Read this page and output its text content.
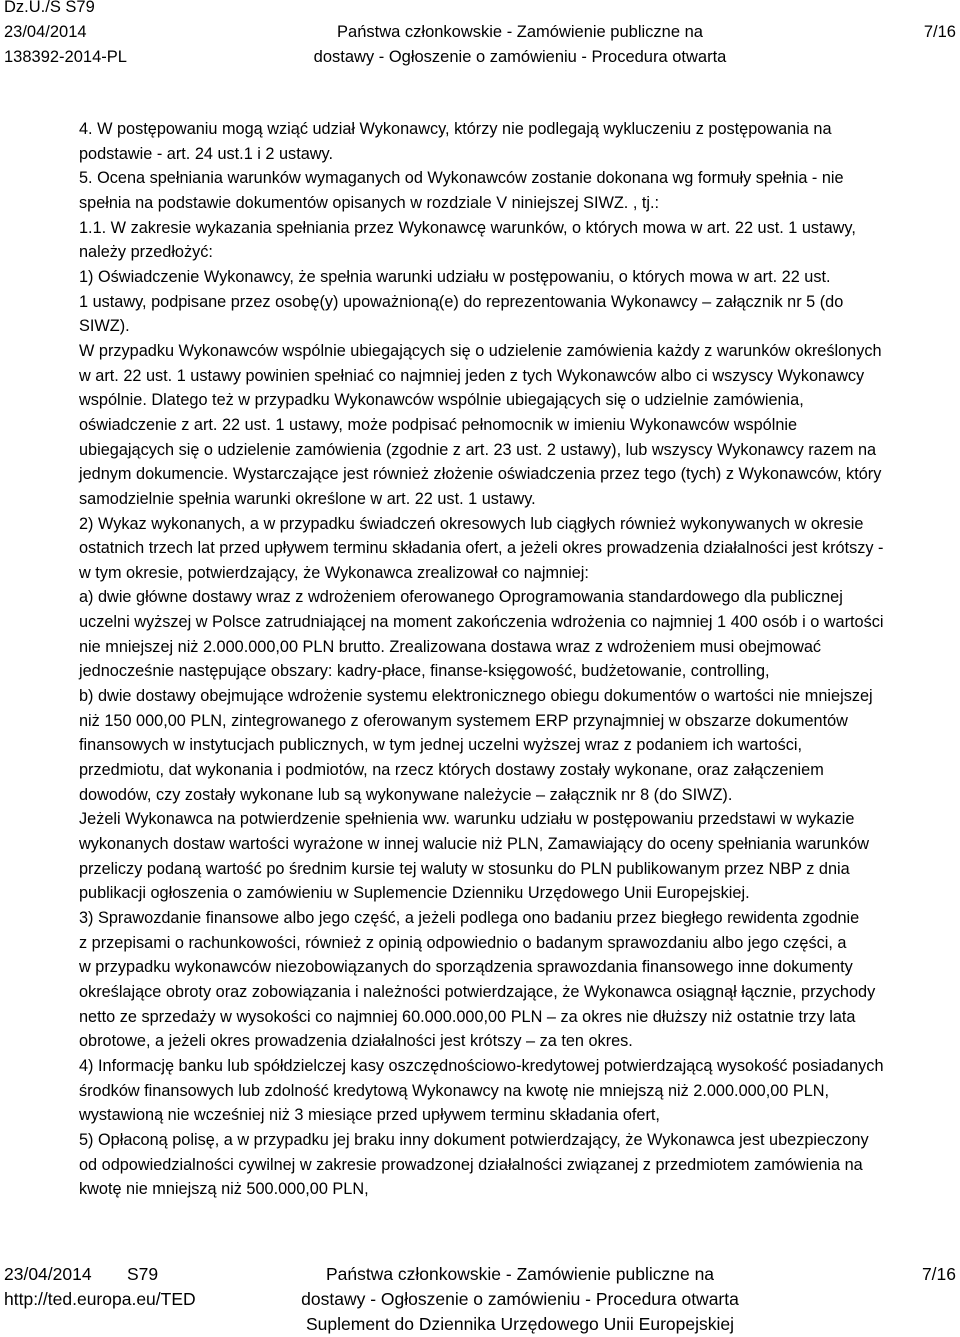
Dz.U./S S79
23/04/2014
138392-2014-PL
Państwa członkowskie - Zamówienie publiczne na
dostawy - Ogłoszenie o zamówieniu - Procedura otwarta
7/16

4. W postępowaniu mogą wziąć udział Wykonawcy, którzy nie podlegają wykluczeniu z postępowania na

podstawie - art. 24 ust.1 i 2 ustawy.

5. Ocena spełniania warunków wymaganych od Wykonawców zostanie dokonana wg formuły spełnia - nie

spełnia na podstawie dokumentów opisanych w rozdziale V niniejszej SIWZ. , tj.:

1.1. W zakresie wykazania spełniania przez Wykonawcę warunków, o których mowa w art. 22 ust. 1 ustawy,

należy przedłożyć:

1) Oświadczenie Wykonawcy, że spełnia warunki udziału w postępowaniu, o których mowa w art. 22 ust.

1 ustawy, podpisane przez osobę(y) upoważnioną(e) do reprezentowania Wykonawcy – załącznik nr 5 (do

SIWZ).

W przypadku Wykonawców wspólnie ubiegających się o udzielenie zamówienia każdy z warunków określonych

w art. 22 ust. 1 ustawy powinien spełniać co najmniej jeden z tych Wykonawców albo ci wszyscy Wykonawcy

wspólnie. Dlatego też w przypadku Wykonawców wspólnie ubiegających się o udzielnie zamówienia,

oświadczenie z art. 22 ust. 1 ustawy, może podpisać pełnomocnik w imieniu Wykonawców wspólnie

ubiegających się o udzielenie zamówienia (zgodnie z art. 23 ust. 2 ustawy), lub wszyscy Wykonawcy razem na

jednym dokumencie. Wystarczające jest również złożenie oświadczenia przez tego (tych) z Wykonawców, który

samodzielnie spełnia warunki określone w art. 22 ust. 1 ustawy.

2) Wykaz wykonanych, a w przypadku świadczeń okresowych lub ciągłych również wykonywanych w okresie

ostatnich trzech lat przed upływem terminu składania ofert, a jeżeli okres prowadzenia działalności jest krótszy -

w tym okresie, potwierdzający, że Wykonawca zrealizował co najmniej:

a) dwie główne dostawy wraz z wdrożeniem oferowanego Oprogramowania standardowego dla publicznej

uczelni wyższej w Polsce zatrudniającej na moment zakończenia wdrożenia co najmniej 1 400 osób i o wartości

nie mniejszej niż 2.000.000,00 PLN brutto. Zrealizowana dostawa wraz z wdrożeniem musi obejmować

jednocześnie następujące obszary: kadry-płace, finanse-księgowość, budżetowanie, controlling,

b) dwie dostawy obejmujące wdrożenie systemu elektronicznego obiegu dokumentów o wartości nie mniejszej

niż 150 000,00 PLN, zintegrowanego z oferowanym systemem ERP przynajmniej w obszarze dokumentów

finansowych w instytucjach publicznych, w tym jednej uczelni wyższej wraz z podaniem ich wartości,

przedmiotu, dat wykonania i podmiotów, na rzecz których dostawy zostały wykonane, oraz załączeniem

dowodów, czy zostały wykonane lub są wykonywane należycie – załącznik nr 8 (do SIWZ).

Jeżeli Wykonawca na potwierdzenie spełnienia ww. warunku udziału w postępowaniu przedstawi w wykazie

wykonanych dostaw wartości wyrażone w innej walucie niż PLN, Zamawiający do oceny spełniania warunków

przeliczy podaną wartość po średnim kursie tej waluty w stosunku do PLN publikowanym przez NBP z dnia

publikacji ogłoszenia o zamówieniu w Suplemencie Dzienniku Urzędowego Unii Europejskiej.

3) Sprawozdanie finansowe albo jego część, a jeżeli podlega ono badaniu przez biegłego rewidenta zgodnie

z przepisami o rachunkowości, również z opinią odpowiednio o badanym sprawozdaniu albo jego części, a

w przypadku wykonawców niezobowiązanych do sporządzenia sprawozdania finansowego inne dokumenty

określające obroty oraz zobowiązania i należności potwierdzające, że Wykonawca osiągnął łącznie, przychody

netto ze sprzedaży w wysokości co najmniej 60.000.000,00 PLN – za okres nie dłuższy niż ostatnie trzy lata

obrotowe, a jeżeli okres prowadzenia działalności jest krótszy – za ten okres.

4) Informację banku lub spółdzielczej kasy oszczędnościowo-kredytowej potwierdzającą wysokość posiadanych

środków finansowych lub zdolność kredytową Wykonawcy na kwotę nie mniejszą niż 2.000.000,00 PLN,

wystawioną nie wcześniej niż 3 miesiące przed upływem terminu składania ofert,

5) Opłaconą polisę, a w przypadku jej braku inny dokument potwierdzający, że Wykonawca jest ubezpieczony

od odpowiedzialności cywilnej w zakresie prowadzonej działalności związanej z przedmiotem zamówienia na

kwotę nie mniejszą niż 500.000,00 PLN,

23/04/2014 S79
http://ted.europa.eu/TED
Państwa członkowskie - Zamówienie publiczne na
dostawy - Ogłoszenie o zamówieniu - Procedura otwarta
Suplement do Dziennika Urzędowego Unii Europejskiej
7/16
